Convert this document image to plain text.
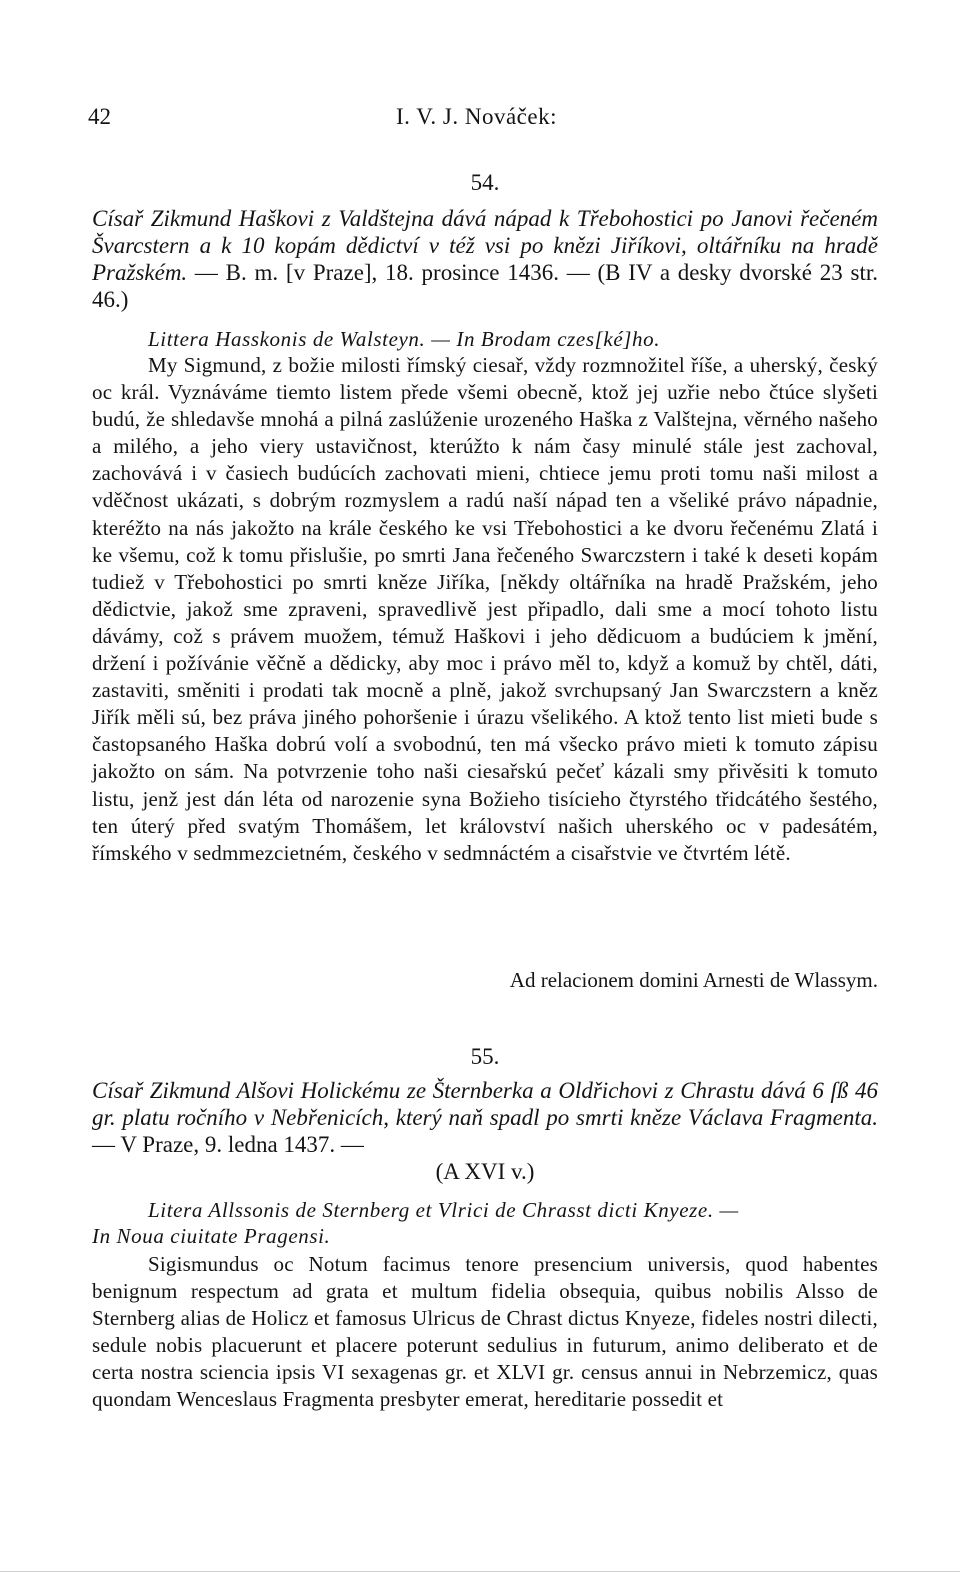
42	I. V. J. Nováček:
54.
Císař Zikmund Haškovi z Valdštejna dává nápad k Třebohostici po Janovi řečeném Švarcstern a k 10 kopám dědictví v též vsi po knězi Jiříkovi, oltářníku na hradě Pražském. — B. m. [v Praze], 18. prosince 1436. — (B IV a desky dvorské 23 str. 46.)
Littera Hasskonis de Walsteyn. — In Brodam czes[ké]ho.
My Sigmund, z božie milosti římský ciesař, vždy rozmnožitel říše, a uherský, český oc král. Vyznáváme tiemto listem přede všemi obecně, ktož jej uzřie nebo čtúce slyšeti budú, že shledavše mnohá a pilná zaslúženie urozeného Haška z Valštejna, věrného našeho a milého, a jeho viery ustavičnost, kterúžto k nám časy minulé stále jest zachoval, zachovává i v časiech budúcích zachovati mieni, chtiece jemu proti tomu naši milost a vděčnost ukázati, s dobrým rozmyslem a radú naší nápad ten a všeliké právo nápadnie, kteréžto na nás jakožto na krále českého ke vsi Třebohostici a ke dvoru řečenému Zlatá i ke všemu, což k tomu přislušie, po smrti Jana řečeného Swarczstern i také k deseti kopám tudiež v Třebohostici po smrti kněze Jiříka, [někdy oltářníka na hradě Pražském, jeho dědictvie, jakož sme zpraveni, spravedlivě jest připadlo, dali sme a mocí tohoto listu dávámy, což s právem muožem, témuž Haškovi i jeho dědicuom a budúciem k jmění, držení i požívánie věčně a dědicky, aby moc i právo měl to, když a komuž by chtěl, dáti, zastaviti, směniti i prodati tak mocně a plně, jakož svrchupsaný Jan Swarczstern a kněz Jiřík měli sú, bez práva jiného pohoršenie i úrazu všelikého. A ktož tento list mieti bude s častopsaného Haška dobrú volí a svobodnú, ten má všecko právo mieti k tomuto zápisu jakožto on sám. Na potvrzenie toho naši ciesařskú pečeť kázali smy přivěsiti k tomuto listu, jenž jest dán léta od narozenie syna Božieho tisícieho čtyrstého třidcátého šestého, ten úterý před svatým Thomášem, let království našich uherského oc v padesátém, římského v sedmmezcietném, českého v sedmnáctém a cisařstvie ve čtvrtém létě.
Ad relacionem domini Arnesti de Wlassym.
55.
Císař Zikmund Alšovi Holickému ze Šternberka a Oldřichovi z Chrastu dává 6 ſß 46 gr. platu ročního v Nebřenicích, který naň spadl po smrti kněze Václava Fragmenta. — V Praze, 9. ledna 1437. —
(A XVI v.)
Litera Allssonis de Sternberg et Vlrici de Chrasst dicti Knyeze. —
In Noua ciuitate Pragensi.
Sigismundus oc Notum facimus tenore presencium universis, quod habentes benignum respectum ad grata et multum fidelia obsequia, quibus nobilis Alsso de Sternberg alias de Holicz et famosus Ulricus de Chrast dictus Knyeze, fideles nostri dilecti, sedule nobis placuerunt et placere poterunt sedulius in futurum, animo deliberato et de certa nostra sciencia ipsis VI sexagenas gr. et XLVI gr. census annui in Nebrzemicz, quas quondam Wenceslaus Fragmenta presbyter emerat, hereditarie possedit et
